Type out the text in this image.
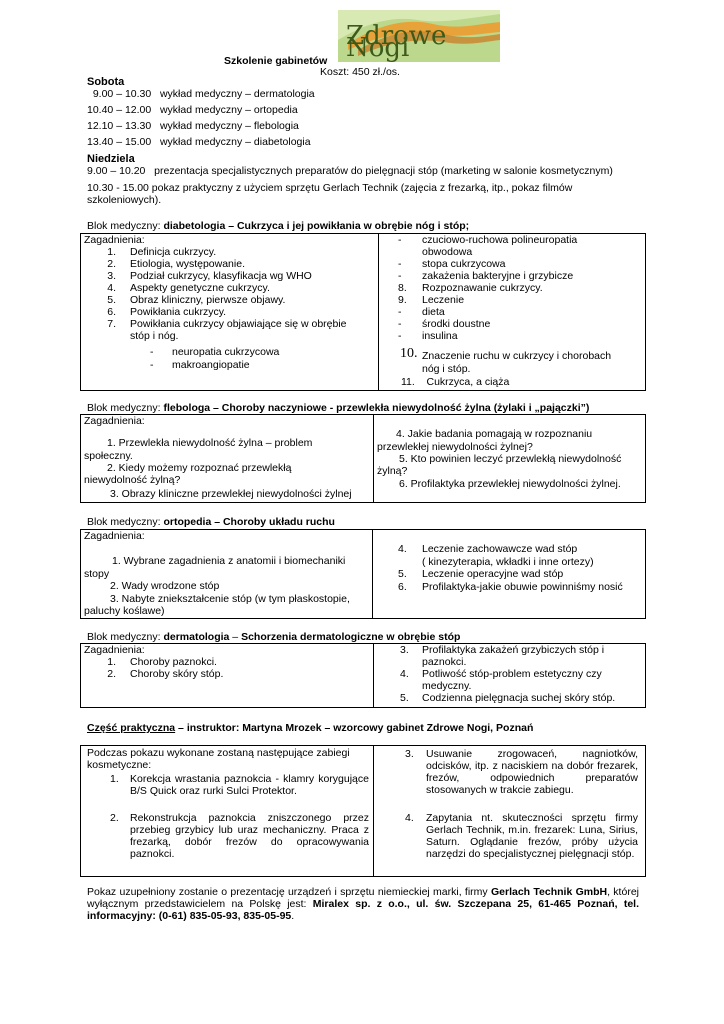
Zdrowe Nogi
Szkolenie gabinetów
Koszt: 450 zł./os.
Sobota
9.00 – 10.30   wykład medyczny – dermatologia
10.40 – 12.00   wykład medyczny – ortopedia
12.10 – 13.30   wykład medyczny – flebologia
13.40 – 15.00   wykład medyczny – diabetologia
Niedziela
9.00 – 10.20   prezentacja specjalistycznych preparatów do pielęgnacji stóp (marketing w salonie kosmetycznym)
10.30 - 15.00 pokaz praktyczny z użyciem sprzętu Gerlach Technik (zajęcia z frezarką, itp., pokaz filmów szkoleniowych).
Blok medyczny: diabetologia – Cukrzyca i jej powikłania w obrębie nóg i stóp;
Zagadnienia:
1. Definicja cukrzycy.
2. Etiologia, występowanie.
3. Podział cukrzycy, klasyfikacja wg WHO
4. Aspekty genetyczne cukrzycy.
5. Obraz kliniczny, pierwsze objawy.
6. Powikłania cukrzycy.
7. Powikłania cukrzycy objawiające się w obrębie
stóp i nóg.
- neuropatia cukrzycowa
- makroangiopatie
- czuciowo-ruchowa polineuropatia
obwodowa
- stopa cukrzycowa
- zakażenia bakteryjne i grzybicze
8. Rozpoznawanie cukrzycy.
9. Leczenie
- dieta
- środki doustne
- insulina
10. Znaczenie ruchu w cukrzycy i chorobach
nóg i stóp.
11.    Cukrzyca, a ciąża
Blok medyczny: flebologa – Choroby naczyniowe - przewlekła niewydolność żylna (żylaki i „pajączki”)
Zagadnienia:
1. Przewlekła niewydolność żylna – problem
społeczny.
2. Kiedy możemy rozpoznać przewlekłą
niewydolność żylną?
3. Obrazy kliniczne przewlekłej niewydolności żylnej
4. Jakie badania pomagają w rozpoznaniu
przewlekłej niewydolności żylnej?
5. Kto powinien leczyć przewlekłą niewydolność
żylną?
6. Profilaktyka przewlekłej niewydolności żylnej.
Blok medyczny: ortopedia – Choroby układu ruchu
Zagadnienia:
1. Wybrane zagadnienia z anatomii i biomechaniki
stopy
2. Wady wrodzone stóp
3. Nabyte zniekształcenie stóp (w tym płaskostopie,
paluchy koślawe)
4. Leczenie zachowawcze wad stóp
( kinezyterapia, wkładki i inne ortezy)
5. Leczenie operacyjne wad stóp
6. Profilaktyka-jakie obuwie powinniśmy nosić
Blok medyczny: dermatologia – Schorzenia dermatologiczne w obrębie stóp
Zagadnienia:
1. Choroby paznokci.
2. Choroby skóry stóp.
3. Profilaktyka zakażeń grzybiczych stóp i
paznokci.
4. Potliwość stóp-problem estetyczny czy
medyczny.
5. Codzienna pielęgnacja suchej skóry stóp.
Część praktyczna – instruktor: Martyna Mrozek – wzorcowy gabinet Zdrowe Nogi, Poznań
Podczas pokazu wykonane zostaną następujące zabiegi kosmetyczne:
1. Korekcja wrastania paznokcia - klamry korygujące B/S Quick oraz rurki Sulci Protektor.
2. Rekonstrukcja paznokcia zniszczonego przez przebieg grzybicy lub uraz mechaniczny. Praca z frezarką, dobór frezów do opracowywania paznokci.
3. Usuwanie zrogowaceń, nagniotków, odcisków, itp. z naciskiem na dobór frezarek, frezów, odpowiednich preparatów stosowanych w trakcie zabiegu.
4. Zapytania nt. skuteczności sprzętu firmy Gerlach Technik, m.in. frezarek: Luna, Sirius, Saturn. Oglądanie frezów, próby użycia narzędzi do specjalistycznej pielęgnacji stóp.
Pokaz uzupełniony zostanie o prezentację urządzeń i sprzętu niemieckiej marki, firmy Gerlach Technik GmbH, której wyłącznym przedstawicielem na Polskę jest: Miralex sp. z o.o., ul. św. Szczepana 25, 61-465 Poznań, tel. informacyjny: (0-61) 835-05-93, 835-05-95.
